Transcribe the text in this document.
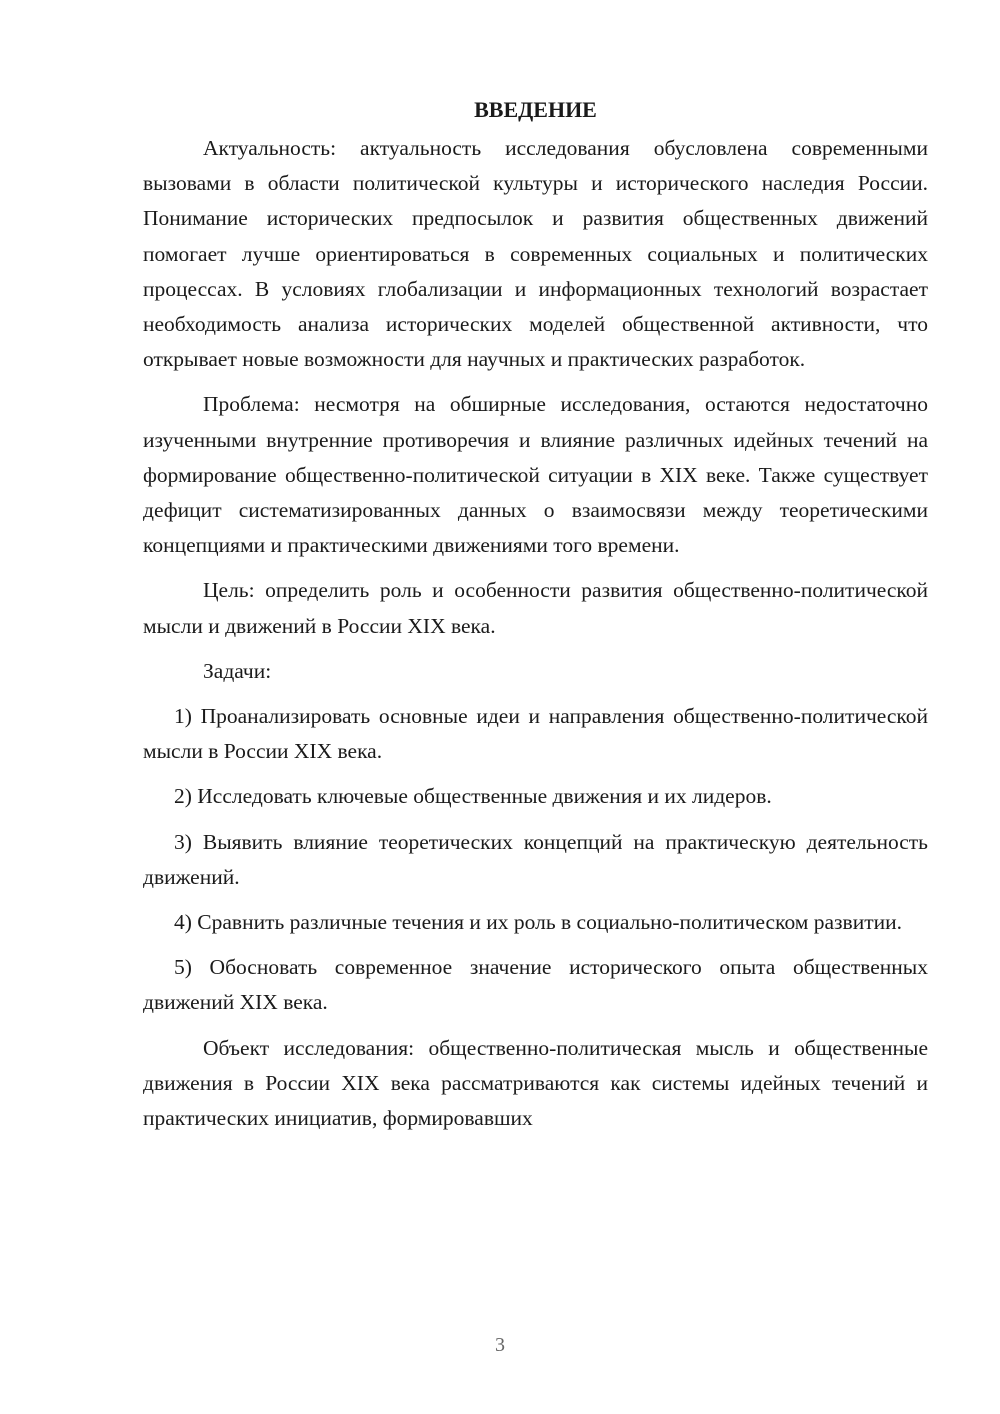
ВВЕДЕНИЕ

Актуальность: актуальность исследования обусловлена современными вызовами в области политической культуры и исторического наследия России. Понимание исторических предпосылок и развития общественных движений помогает лучше ориентироваться в современных социальных и политических процессах. В условиях глобализации и информационных технологий возрастает необходимость анализа исторических моделей общественной активности, что открывает новые возможности для научных и практических разработок.

Проблема: несмотря на обширные исследования, остаются недостаточно изученными внутренние противоречия и влияние различных идейных течений на формирование общественно-политической ситуации в XIX веке. Также существует дефицит систематизированных данных о взаимосвязи между теоретическими концепциями и практическими движениями того времени.

Цель: определить роль и особенности развития общественно-политической мысли и движений в России XIX века.

Задачи:

1) Проанализировать основные идеи и направления общественно-политической мысли в России XIX века.

2) Исследовать ключевые общественные движения и их лидеров.

3) Выявить влияние теоретических концепций на практическую деятельность движений.

4) Сравнить различные течения и их роль в социально-политическом развитии.

5) Обосновать современное значение исторического опыта общественных движений XIX века.

Объект исследования: общественно-политическая мысль и общественные движения в России XIX века рассматриваются как системы идейных течений и практических инициатив, формировавших

3
